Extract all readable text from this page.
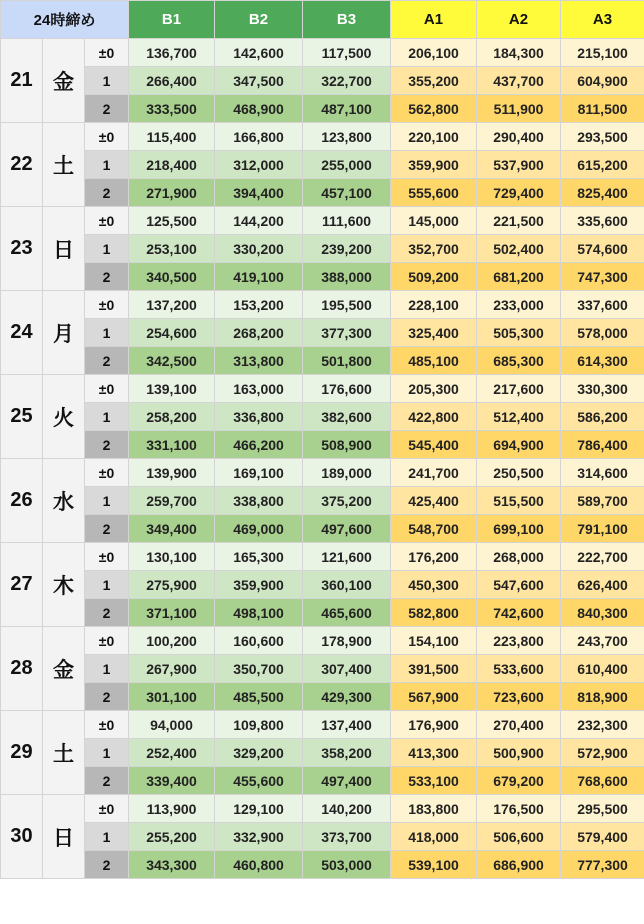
24時締め			B1	B2	B3	A1	A2	A3
21	金	±0	136,700	142,600	117,500	206,100	184,300	215,100
		1	266,400	347,500	322,700	355,200	437,700	604,900
		2	333,500	468,900	487,100	562,800	511,900	811,500
22	土	±0	115,400	166,800	123,800	220,100	290,400	293,500
		1	218,400	312,000	255,000	359,900	537,900	615,200
		2	271,900	394,400	457,100	555,600	729,400	825,400
23	日	±0	125,500	144,200	111,600	145,000	221,500	335,600
		1	253,100	330,200	239,200	352,700	502,400	574,600
		2	340,500	419,100	388,000	509,200	681,200	747,300
24	月	±0	137,200	153,200	195,500	228,100	233,000	337,600
		1	254,600	268,200	377,300	325,400	505,300	578,000
		2	342,500	313,800	501,800	485,100	685,300	614,300
25	火	±0	139,100	163,000	176,600	205,300	217,600	330,300
		1	258,200	336,800	382,600	422,800	512,400	586,200
		2	331,100	466,200	508,900	545,400	694,900	786,400
26	水	±0	139,900	169,100	189,000	241,700	250,500	314,600
		1	259,700	338,800	375,200	425,400	515,500	589,700
		2	349,400	469,000	497,600	548,700	699,100	791,100
27	木	±0	130,100	165,300	121,600	176,200	268,000	222,700
		1	275,900	359,900	360,100	450,300	547,600	626,400
		2	371,100	498,100	465,600	582,800	742,600	840,300
28	金	±0	100,200	160,600	178,900	154,100	223,800	243,700
		1	267,900	350,700	307,400	391,500	533,600	610,400
		2	301,100	485,500	429,300	567,900	723,600	818,900
29	土	±0	94,000	109,800	137,400	176,900	270,400	232,300
		1	252,400	329,200	358,200	413,300	500,900	572,900
		2	339,400	455,600	497,400	533,100	679,200	768,600
30	日	±0	113,900	129,100	140,200	183,800	176,500	295,500
		1	255,200	332,900	373,700	418,000	506,600	579,400
		2	343,300	460,800	503,000	539,100	686,900	777,300
